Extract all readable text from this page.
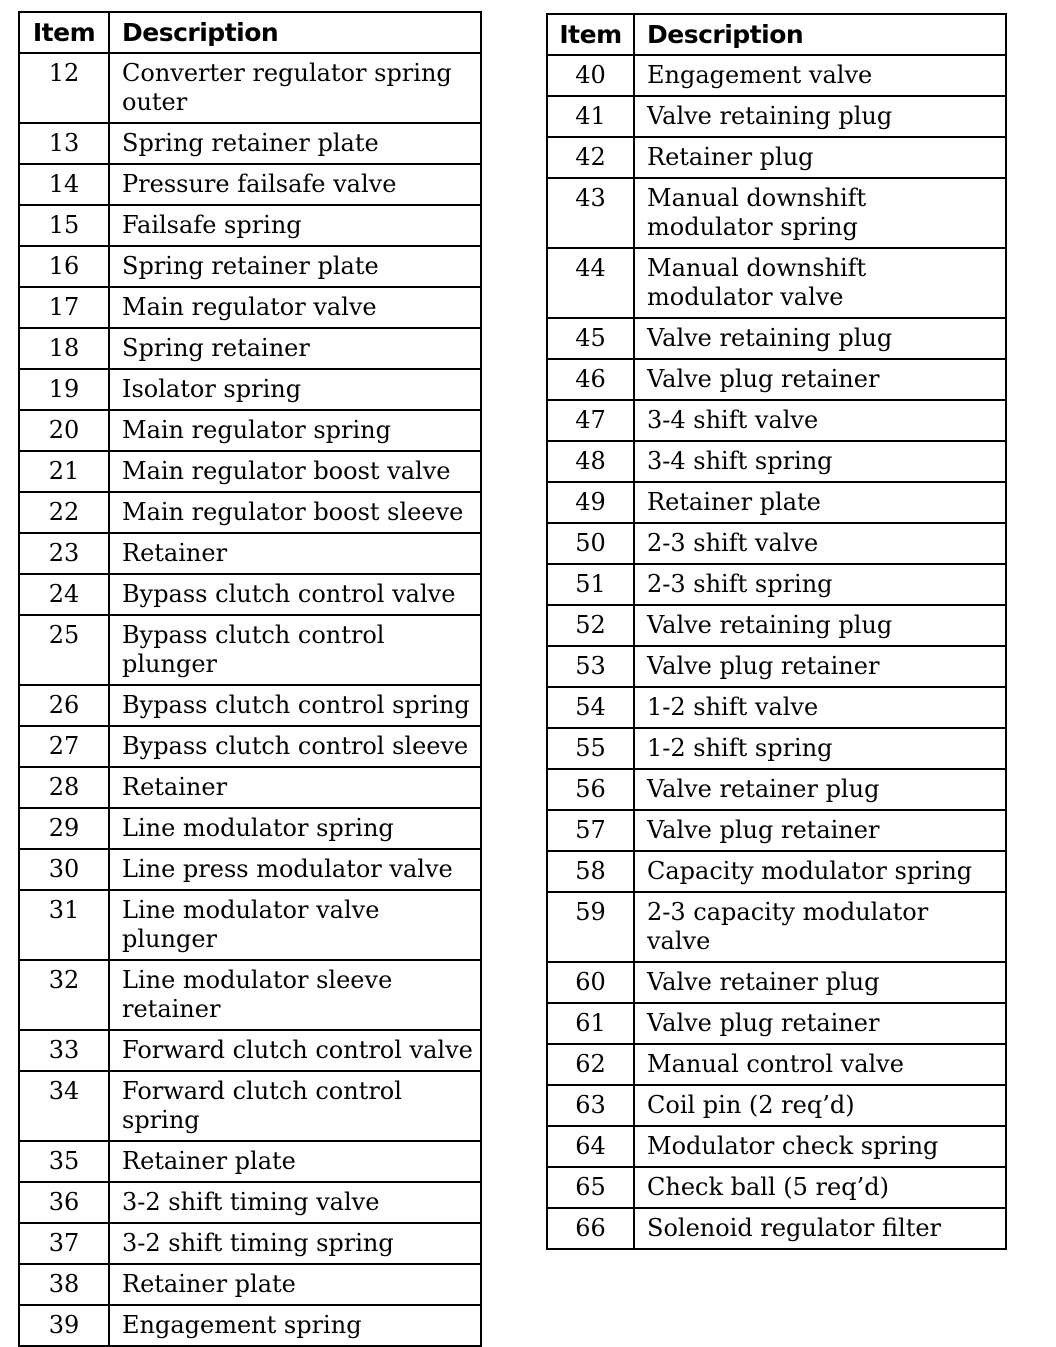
Item	Description
12	Converter regulator spring outer
13	Spring retainer plate
14	Pressure failsafe valve
15	Failsafe spring
16	Spring retainer plate
17	Main regulator valve
18	Spring retainer
19	Isolator spring
20	Main regulator spring
21	Main regulator boost valve
22	Main regulator boost sleeve
23	Retainer
24	Bypass clutch control valve
25	Bypass clutch control plunger
26	Bypass clutch control spring
27	Bypass clutch control sleeve
28	Retainer
29	Line modulator spring
30	Line press modulator valve
31	Line modulator valve plunger
32	Line modulator sleeve retainer
33	Forward clutch control valve
34	Forward clutch control spring
35	Retainer plate
36	3-2 shift timing valve
37	3-2 shift timing spring
38	Retainer plate
39	Engagement spring
Item	Description
40	Engagement valve
41	Valve retaining plug
42	Retainer plug
43	Manual downshift modulator spring
44	Manual downshift modulator valve
45	Valve retaining plug
46	Valve plug retainer
47	3-4 shift valve
48	3-4 shift spring
49	Retainer plate
50	2-3 shift valve
51	2-3 shift spring
52	Valve retaining plug
53	Valve plug retainer
54	1-2 shift valve
55	1-2 shift spring
56	Valve retainer plug
57	Valve plug retainer
58	Capacity modulator spring
59	2-3 capacity modulator valve
60	Valve retainer plug
61	Valve plug retainer
62	Manual control valve
63	Coil pin (2 req’d)
64	Modulator check spring
65	Check ball (5 req’d)
66	Solenoid regulator filter
